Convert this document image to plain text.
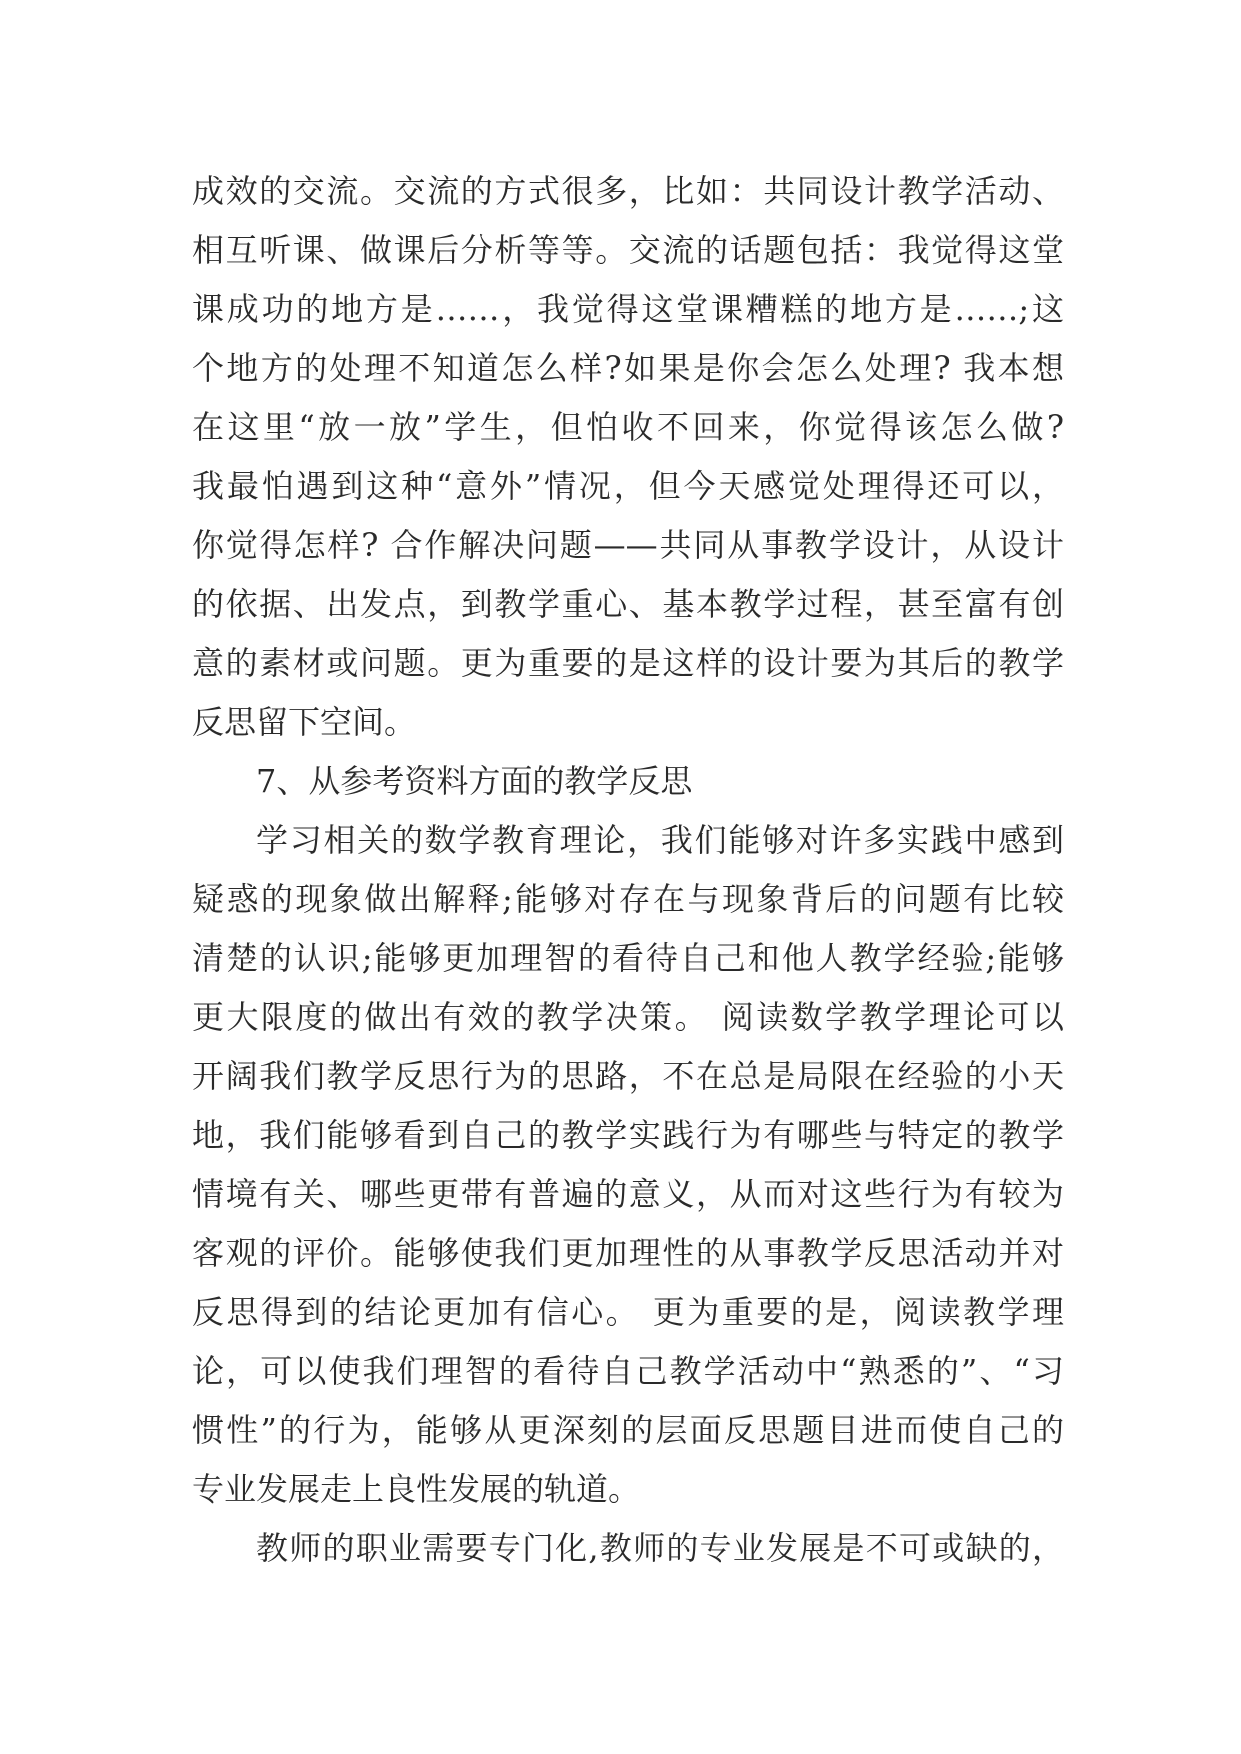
成效的交流。交流的方式很多，比如：共同设计教学活动、
相互听课、做课后分析等等。交流的话题包括：我觉得这堂
课成功的地方是……，我觉得这堂课糟糕的地方是……;这
个地方的处理不知道怎么样?如果是你会怎么处理? 我本想
在这里“放一放”学生，但怕收不回来，你觉得该怎么做?
我最怕遇到这种“意外”情况，但今天感觉处理得还可以，
你觉得怎样? 合作解决问题——共同从事教学设计，从设计
的依据、出发点，到教学重心、基本教学过程，甚至富有创
意的素材或问题。更为重要的是这样的设计要为其后的教学
反思留下空间。
7、从参考资料方面的教学反思
学习相关的数学教育理论，我们能够对许多实践中感到
疑惑的现象做出解释;能够对存在与现象背后的问题有比较
清楚的认识;能够更加理智的看待自己和他人教学经验;能够
更大限度的做出有效的教学决策。 阅读数学教学理论可以
开阔我们教学反思行为的思路，不在总是局限在经验的小天
地，我们能够看到自己的教学实践行为有哪些与特定的教学
情境有关、哪些更带有普遍的意义，从而对这些行为有较为
客观的评价。能够使我们更加理性的从事教学反思活动并对
反思得到的结论更加有信心。 更为重要的是，阅读教学理
论，可以使我们理智的看待自己教学活动中“熟悉的”、“习
惯性”的行为，能够从更深刻的层面反思题目进而使自己的
专业发展走上良性发展的轨道。
教师的职业需要专门化,教师的专业发展是不可或缺的，
